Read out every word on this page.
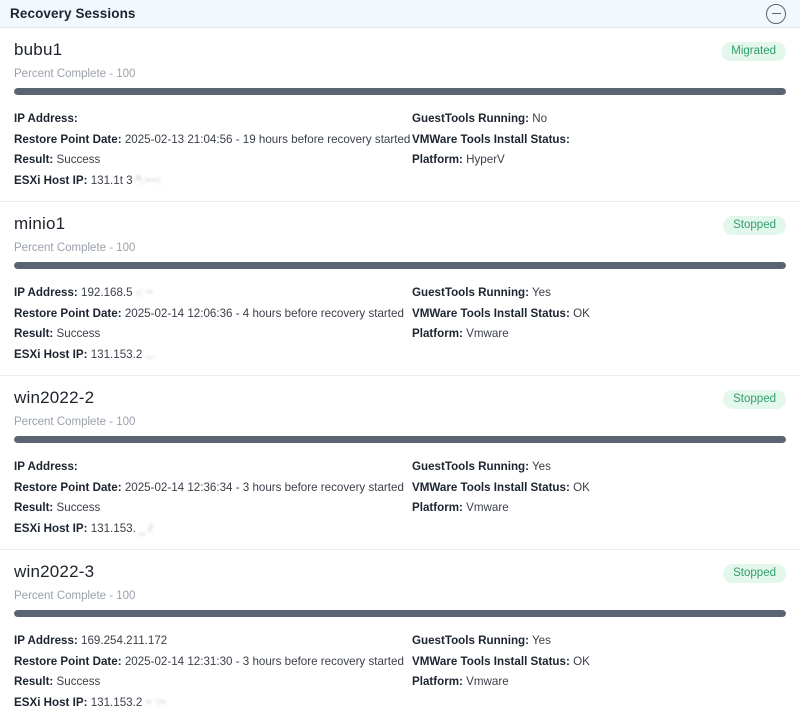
Recovery Sessions
bubu1	Migrated
Percent Complete - 100
IP Address:
Restore Point Date: 2025-02-13 21:04:56 - 19 hours before recovery started
Result: Success
ESXi Host IP: 131.1t 3 ^.~~:
GuestTools Running: No
VMWare Tools Install Status:
Platform: HyperV
minio1	Stopped
Percent Complete - 100
IP Address: 192.168.5 -: ~
Restore Point Date: 2025-02-14 12:06:36 - 4 hours before recovery started
Result: Success
ESXi Host IP: 131.153.2 ...
GuestTools Running: Yes
VMWare Tools Install Status: OK
Platform: Vmware
win2022-2	Stopped
Percent Complete - 100
IP Address:
Restore Point Date: 2025-02-14 12:36:34 - 3 hours before recovery started
Result: Success
ESXi Host IP: 131.153. _ /
GuestTools Running: Yes
VMWare Tools Install Status: OK
Platform: Vmware
win2022-3	Stopped
Percent Complete - 100
IP Address: 169.254.211.172
Restore Point Date: 2025-02-14 12:31:30 - 3 hours before recovery started
Result: Success
ESXi Host IP: 131.153.2 ~ :~
GuestTools Running: Yes
VMWare Tools Install Status: OK
Platform: Vmware
